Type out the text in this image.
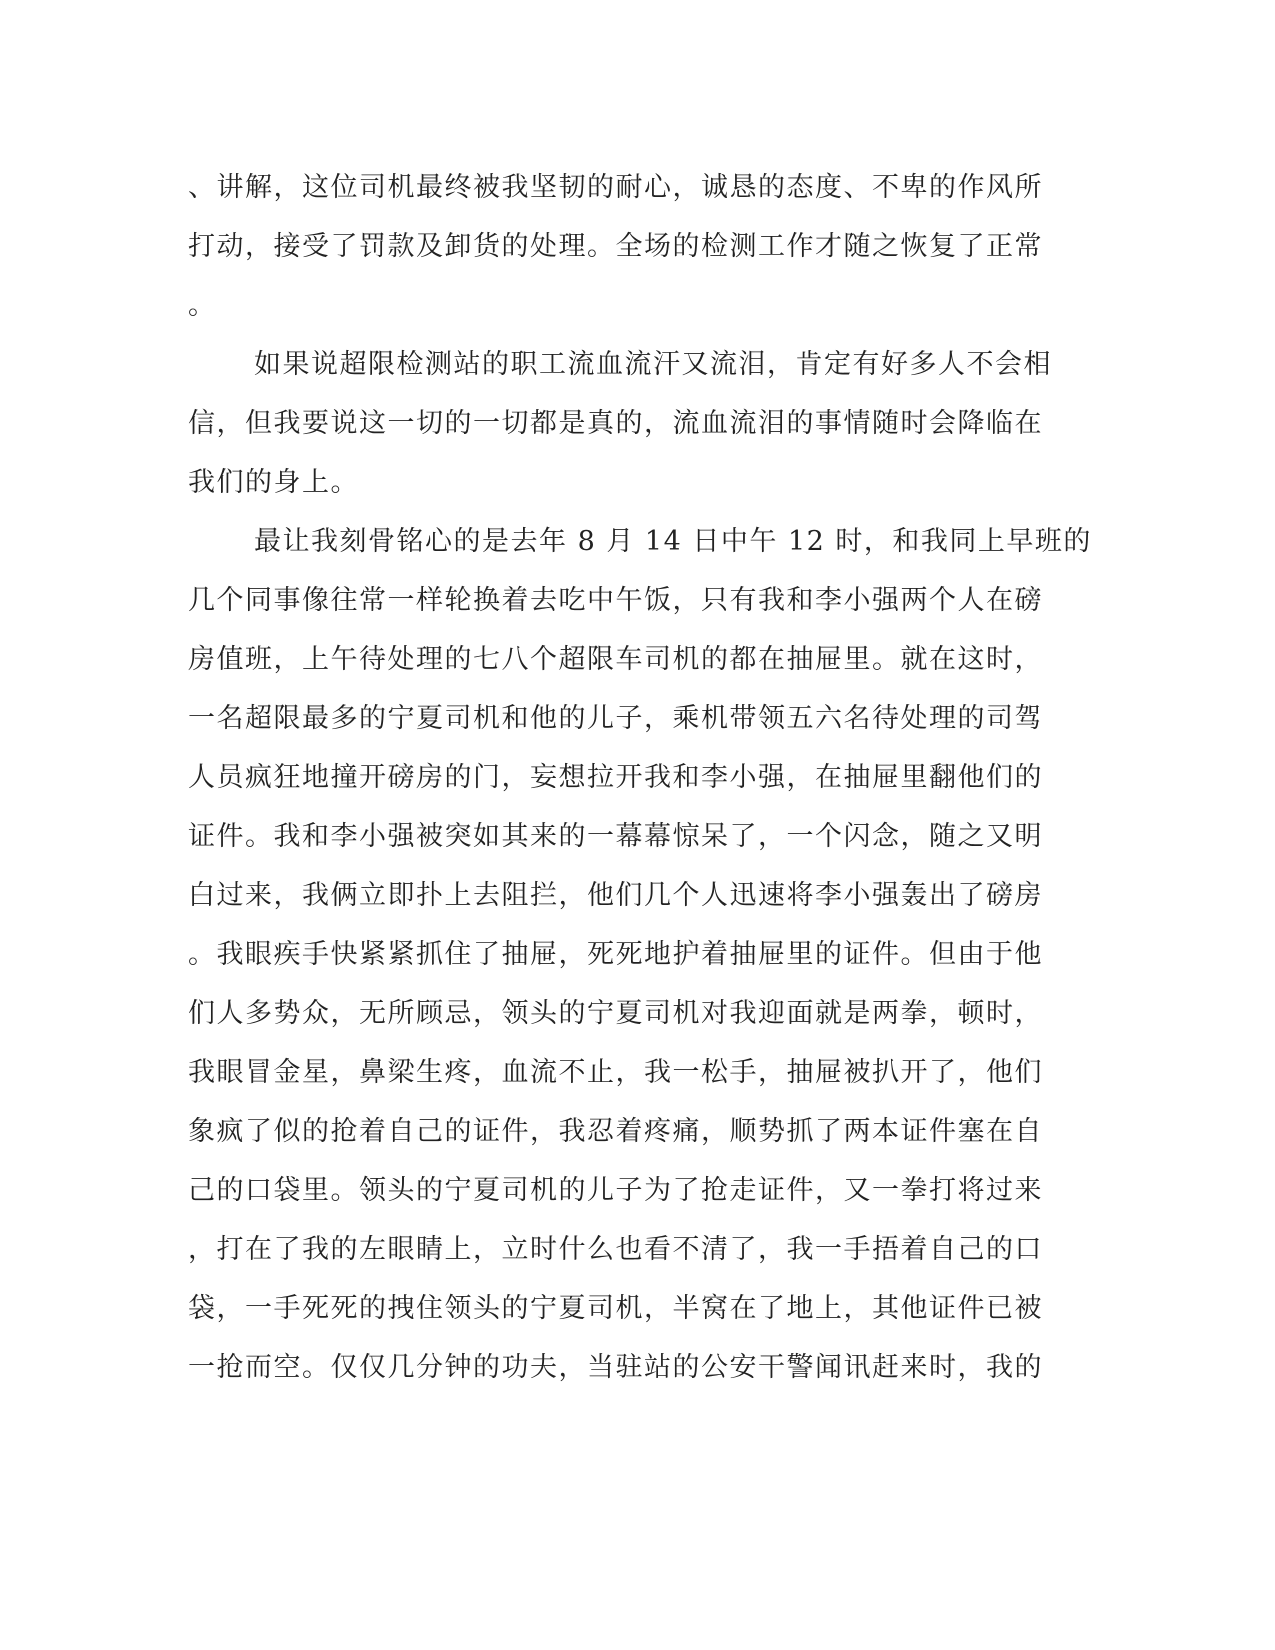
、讲解，这位司机最终被我坚韧的耐心，诚恳的态度、不卑的作风所
打动，接受了罚款及卸货的处理。全场的检测工作才随之恢复了正常
。
如果说超限检测站的职工流血流汗又流泪，肯定有好多人不会相
信，但我要说这一切的一切都是真的，流血流泪的事情随时会降临在
我们的身上。
最让我刻骨铭心的是去年 8 月 14 日中午 12 时，和我同上早班的
几个同事像往常一样轮换着去吃中午饭，只有我和李小强两个人在磅
房值班，上午待处理的七八个超限车司机的都在抽屉里。就在这时，
一名超限最多的宁夏司机和他的儿子，乘机带领五六名待处理的司驾
人员疯狂地撞开磅房的门，妄想拉开我和李小强，在抽屉里翻他们的
证件。我和李小强被突如其来的一幕幕惊呆了，一个闪念，随之又明
白过来，我俩立即扑上去阻拦，他们几个人迅速将李小强轰出了磅房
。我眼疾手快紧紧抓住了抽屉，死死地护着抽屉里的证件。但由于他
们人多势众，无所顾忌，领头的宁夏司机对我迎面就是两拳，顿时，
我眼冒金星，鼻梁生疼，血流不止，我一松手，抽屉被扒开了，他们
象疯了似的抢着自己的证件，我忍着疼痛，顺势抓了两本证件塞在自
己的口袋里。领头的宁夏司机的儿子为了抢走证件，又一拳打将过来
，打在了我的左眼睛上，立时什么也看不清了，我一手捂着自己的口
袋，一手死死的拽住领头的宁夏司机，半窝在了地上，其他证件已被
一抢而空。仅仅几分钟的功夫，当驻站的公安干警闻讯赶来时，我的
